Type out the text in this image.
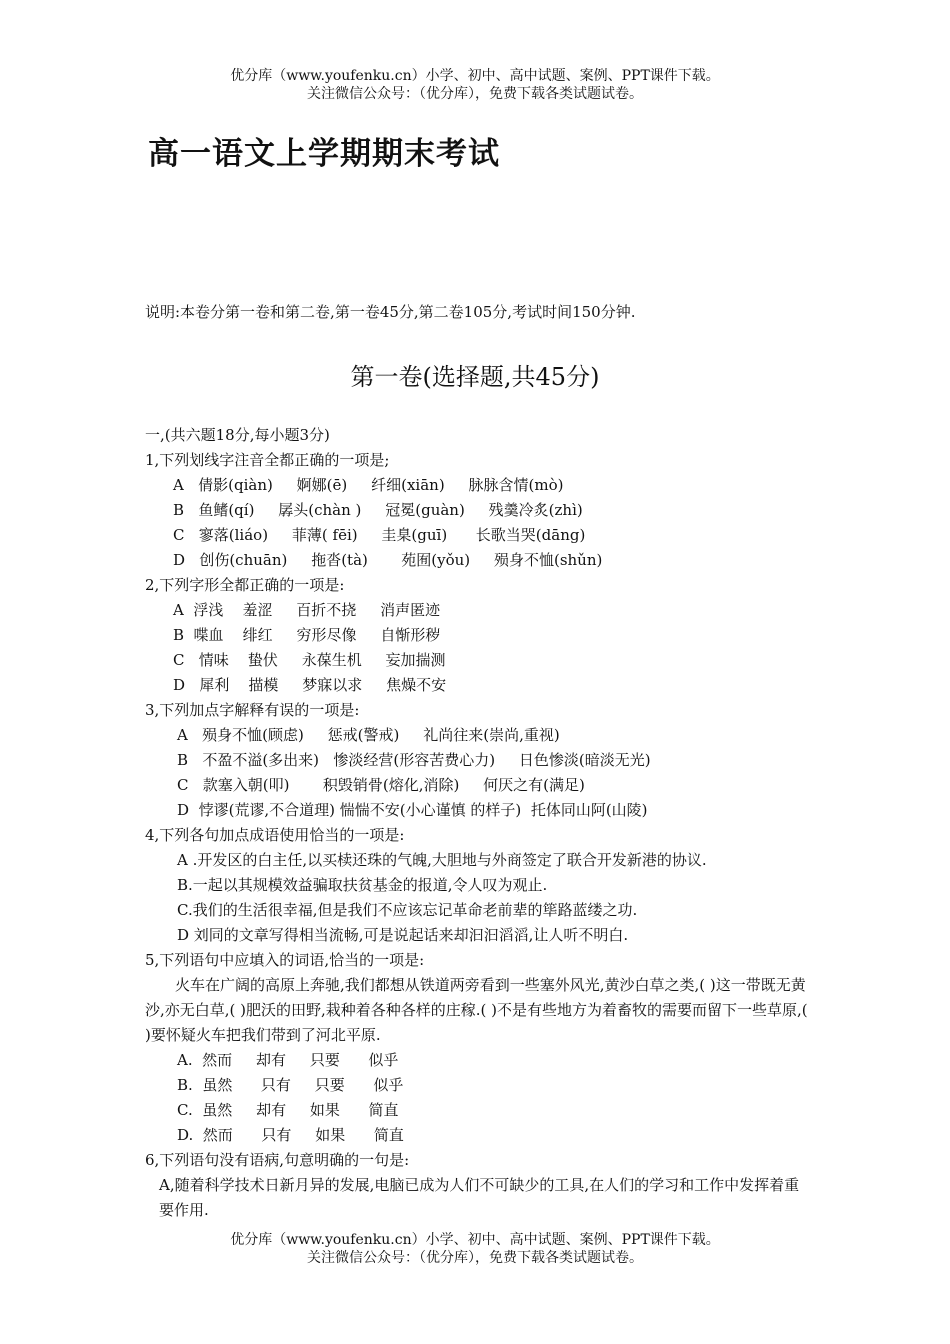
优分库（www.youfenku.cn）小学、初中、高中试题、案例、PPT课件下载。
关注微信公众号：（优分库），免费下载各类试题试卷。
高一语文上学期期末考试
说明:本卷分第一卷和第二卷,第一卷45分,第二卷105分,考试时间150分钟.
第一卷(选择题,共45分)
一,(共六题18分,每小题3分)
1,下列划线字注音全都正确的一项是;
A   倩影(qiàn)     婀娜(ē)     纤细(xiān)     脉脉含情(mò)
B   鱼鳍(qí)     孱头(chàn )     冠冕(guàn)     残羹冷炙(zhì)
C   寥落(liáo)     菲薄( fēi)     圭臬(guī)      长歌当哭(dāng)
D   创伤(chuān)     拖沓(tà)       苑囿(yǒu)     殒身不恤(shǔn)
2,下列字形全都正确的一项是:
A  浮浅    羞涩     百折不挠     消声匿迹
B  喋血    绯红     穷形尽像     自惭形秽
C   情味    蛰伏     永葆生机     妄加揣测
D   犀利    描模     梦寐以求     焦燥不安
3,下列加点字解释有误的一项是:
A   殒身不恤(顾虑)     惩戒(警戒)     礼尚往来(崇尚,重视)
B   不盈不溢(多出来)   惨淡经营(形容苦费心力)     日色惨淡(暗淡无光)
C   款塞入朝(叩)       积毁销骨(熔化,消除)     何厌之有(满足)
D  悖谬(荒谬,不合道理) 惴惴不安(小心谨慎 的样子)  托体同山阿(山陵)
4,下列各句加点成语使用恰当的一项是:
A .开发区的白主任,以买椟还珠的气魄,大胆地与外商签定了联合开发新港的协议.
B.一起以其规模效益骗取扶贫基金的报道,令人叹为观止.
C.我们的生活很幸福,但是我们不应该忘记革命老前辈的筚路蓝缕之功.
D 刘同的文章写得相当流畅,可是说起话来却汩汩滔滔,让人听不明白.
5,下列语句中应填入的词语,恰当的一项是:
火车在广阔的高原上奔驰,我们都想从铁道两旁看到一些塞外风光,黄沙白草之类,( )这一带既无黄沙,亦无白草,( )肥沃的田野,栽种着各种各样的庄稼.( )不是有些地方为着畜牧的需要而留下一些草原,( )要怀疑火车把我们带到了河北平原.
A.  然而     却有     只要      似乎
B.  虽然      只有     只要      似乎
C.  虽然     却有     如果      简直
D.  然而      只有     如果      简直
6,下列语句没有语病,句意明确的一句是:
A,随着科学技术日新月异的发展,电脑已成为人们不可缺少的工具,在人们的学习和工作中发挥着重要作用.
优分库（www.youfenku.cn）小学、初中、高中试题、案例、PPT课件下载。
关注微信公众号：（优分库），免费下载各类试题试卷。
